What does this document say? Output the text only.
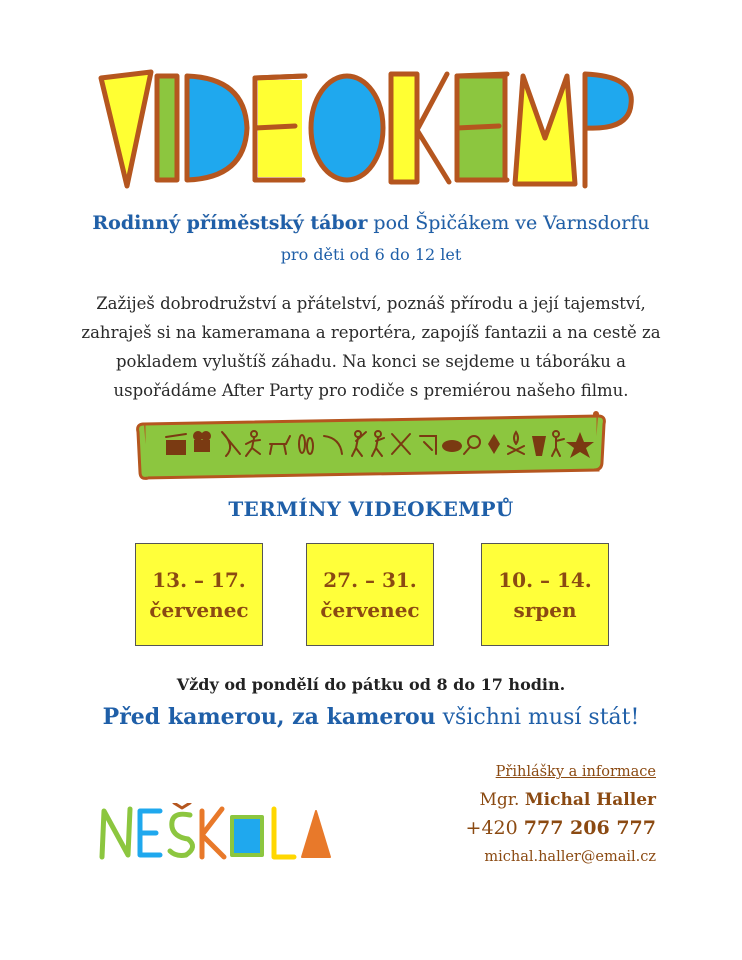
Rodinný příměstský tábor pod Špičákem ve Varnsdorfu
pro děti od 6 do 12 let
Zažiješ dobrodružství a přátelství, poznáš přírodu a její tajemství,
zahraješ si na kameramana a reportéra, zapojíš fantazii a na cestě za
pokladem vyluštíš záhadu. Na konci se sejdeme u táboráku a
uspořádáme After Party pro rodiče s premiérou našeho filmu.
TERMÍNY VIDEOKEMPŮ
13. – 17.
červenec
27. – 31.
červenec
10. – 14.
srpen
Vždy od pondělí do pátku od 8 do 17 hodin.
Před kamerou, za kamerou všichni musí stát!
Přihlášky a informace
Mgr. Michal Haller
+420 777 206 777
michal.haller@email.cz
